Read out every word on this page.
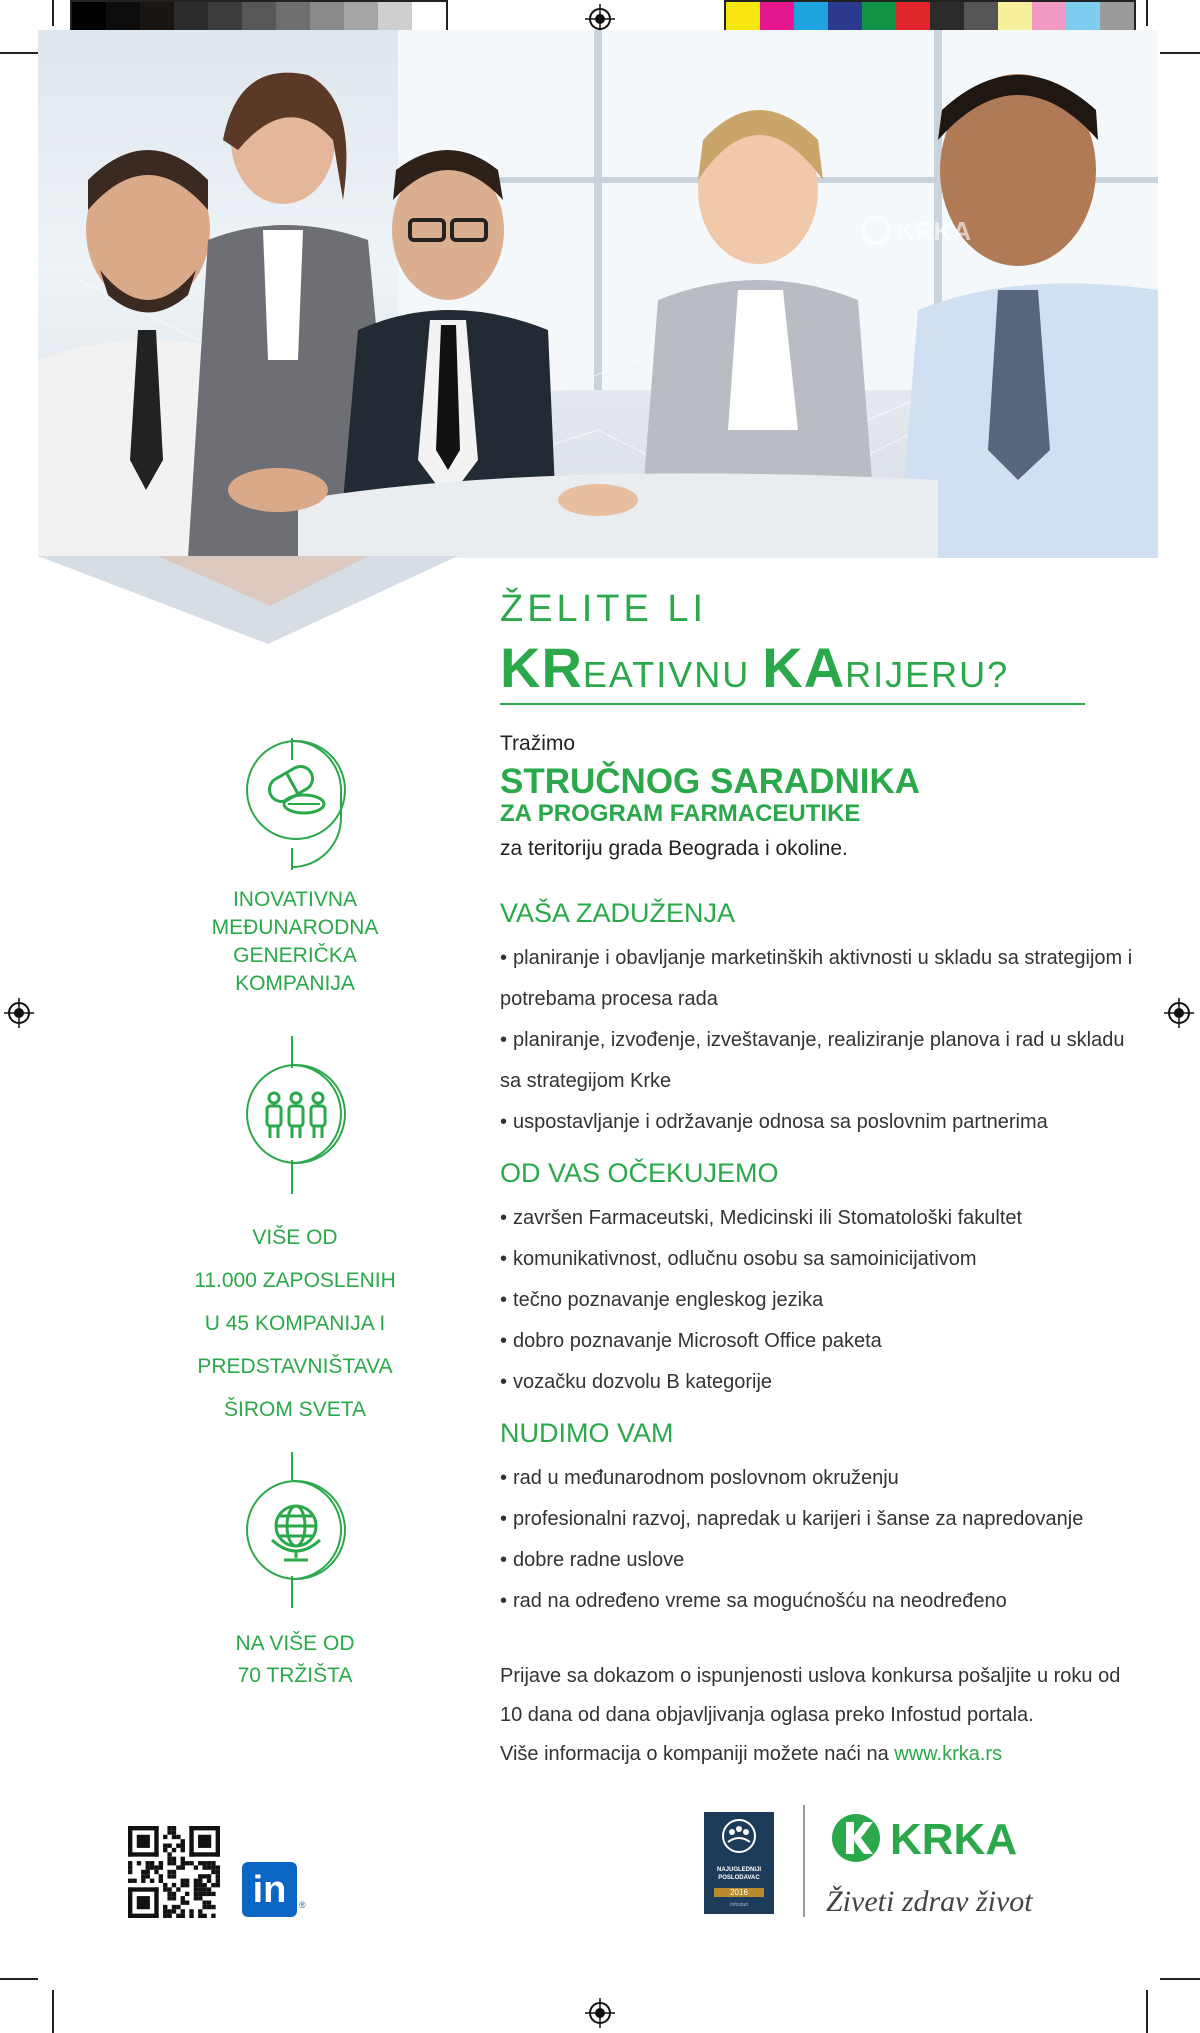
KRKA
ŽELITE LI
KREATIVNU KARIJERU?
Tražimo
STRUČNOG SARADNIKA
ZA PROGRAM FARMACEUTIKE
za teritoriju grada Beograda i okoline.
VAŠA ZADUŽENJA
• planiranje i obavljanje marketinških aktivnosti u skladu sa strategijom i potrebama procesa rada
• planiranje, izvođenje, izveštavanje, realiziranje planova i rad u skladu sa strategijom Krke
• uspostavljanje i održavanje odnosa sa poslovnim partnerima
OD VAS OČEKUJEMO
• završen Farmaceutski, Medicinski ili Stomatološki fakultet
• komunikativnost, odlučnu osobu sa samoinicijativom
• tečno poznavanje engleskog jezika
• dobro poznavanje Microsoft Office paketa
• vozačku dozvolu B kategorije
NUDIMO VAM
• rad u međunarodnom poslovnom okruženju
• profesionalni razvoj, napredak u karijeri i šanse za napredovanje
• dobre radne uslove
• rad na određeno vreme sa mogućnošću na neodređeno
Prijave sa dokazom o ispunjenosti uslova konkursa pošaljite u roku od 10 dana od dana objavljivanja oglasa preko Infostud portala.
Više informacija o kompaniji možete naći na www.krka.rs
INOVATIVNA
MEĐUNARODNA
GENERIČKA
KOMPANIJA
VIŠE OD
11.000 ZAPOSLENIH
U 45 KOMPANIJA I
PREDSTAVNIŠTAVA
ŠIROM SVETA
NA VIŠE OD
70 TRŽIŠTA
in	®
NAJUGLEDNIJI POSLODAVAC
2016
Infostud
KRKA
Živeti zdrav život
